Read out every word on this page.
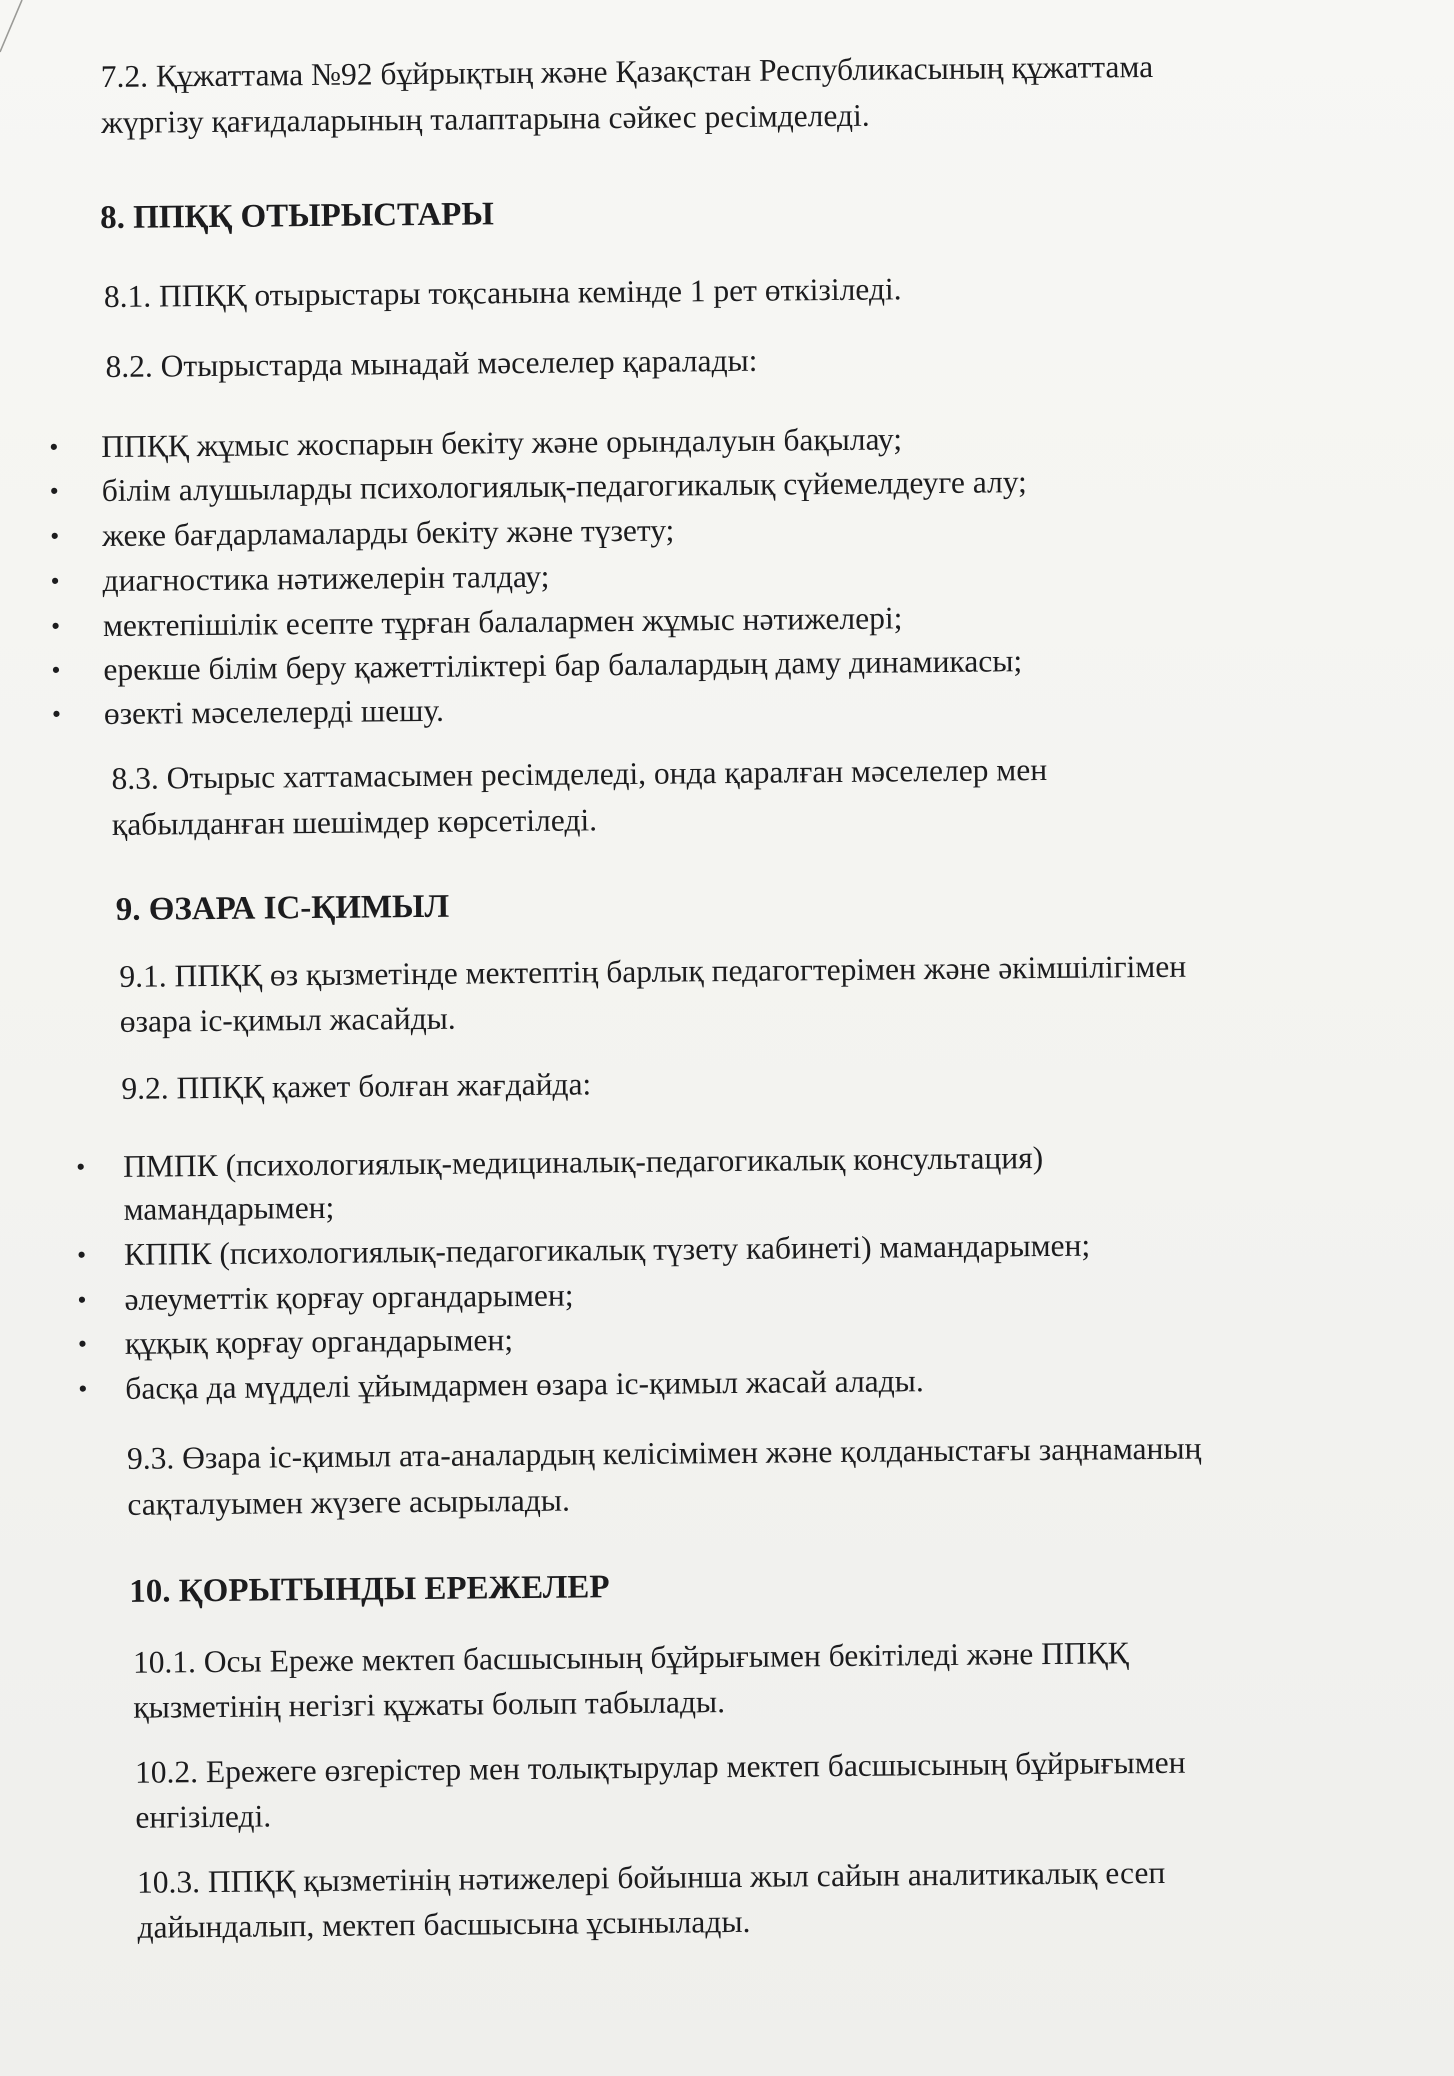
7.2. Құжаттама №92 бұйрықтың және Қазақстан Республикасының құжаттама
жүргізу қағидаларының талаптарына сәйкес ресімделеді.
8. ППҚҚ ОТЫРЫСТАРЫ
8.1. ППҚҚ отырыстары тоқсанына кемінде 1 рет өткізіледі.
8.2. Отырыстарда мынадай мәселелер қаралады:
• ППҚҚ жұмыс жоспарын бекіту және орындалуын бақылау;
• білім алушыларды психологиялық-педагогикалық сүйемелдеуге алу;
• жеке бағдарламаларды бекіту және түзету;
• диагностика нәтижелерін талдау;
• мектепішілік есепте тұрған балалармен жұмыс нәтижелері;
• ерекше білім беру қажеттіліктері бар балалардың даму динамикасы;
• өзекті мәселелерді шешу.
8.3. Отырыс хаттамасымен ресімделеді, онда қаралған мәселелер мен
қабылданған шешімдер көрсетіледі.
9. ӨЗАРА ІС-ҚИМЫЛ
9.1. ППҚҚ өз қызметінде мектептің барлық педагогтерімен және әкімшілігімен
өзара іс-қимыл жасайды.
9.2. ППҚҚ қажет болған жағдайда:
• ПМПК (психологиялық-медициналық-педагогикалық консультация)
мамандарымен;
• КППК (психологиялық-педагогикалық түзету кабинеті) мамандарымен;
• әлеуметтік қорғау органдарымен;
• құқық қорғау органдарымен;
• басқа да мүдделі ұйымдармен өзара іс-қимыл жасай алады.
9.3. Өзара іс-қимыл ата-аналардың келісімімен және қолданыстағы заңнаманың
сақталуымен жүзеге асырылады.
10. ҚОРЫТЫНДЫ ЕРЕЖЕЛЕР
10.1. Осы Ереже мектеп басшысының бұйрығымен бекітіледі және ППҚҚ
қызметінің негізгі құжаты болып табылады.
10.2. Ережеге өзгерістер мен толықтырулар мектеп басшысының бұйрығымен
енгізіледі.
10.3. ППҚҚ қызметінің нәтижелері бойынша жыл сайын аналитикалық есеп
дайындалып, мектеп басшысына ұсынылады.
